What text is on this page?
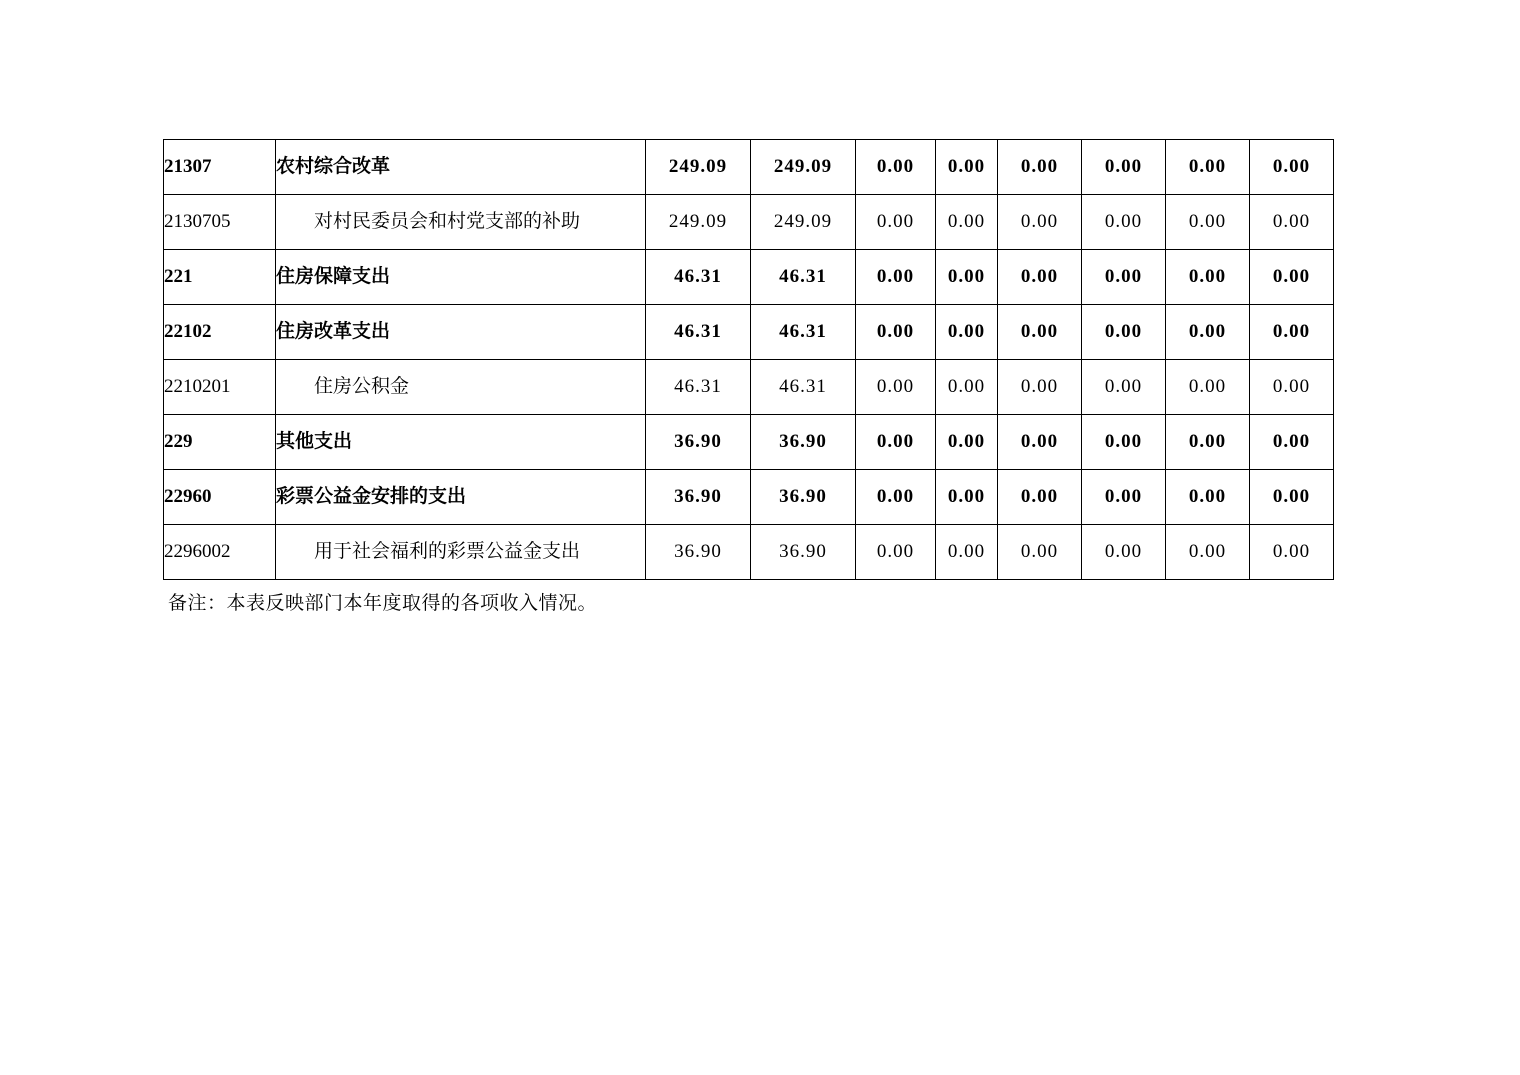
21307	农村综合改革	249.09	249.09	0.00	0.00	0.00	0.00	0.00	0.00
2130705	对村民委员会和村党支部的补助	249.09	249.09	0.00	0.00	0.00	0.00	0.00	0.00
221	住房保障支出	46.31	46.31	0.00	0.00	0.00	0.00	0.00	0.00
22102	住房改革支出	46.31	46.31	0.00	0.00	0.00	0.00	0.00	0.00
2210201	住房公积金	46.31	46.31	0.00	0.00	0.00	0.00	0.00	0.00
229	其他支出	36.90	36.90	0.00	0.00	0.00	0.00	0.00	0.00
22960	彩票公益金安排的支出	36.90	36.90	0.00	0.00	0.00	0.00	0.00	0.00
2296002	用于社会福利的彩票公益金支出	36.90	36.90	0.00	0.00	0.00	0.00	0.00	0.00
备注：本表反映部门本年度取得的各项收入情况。
